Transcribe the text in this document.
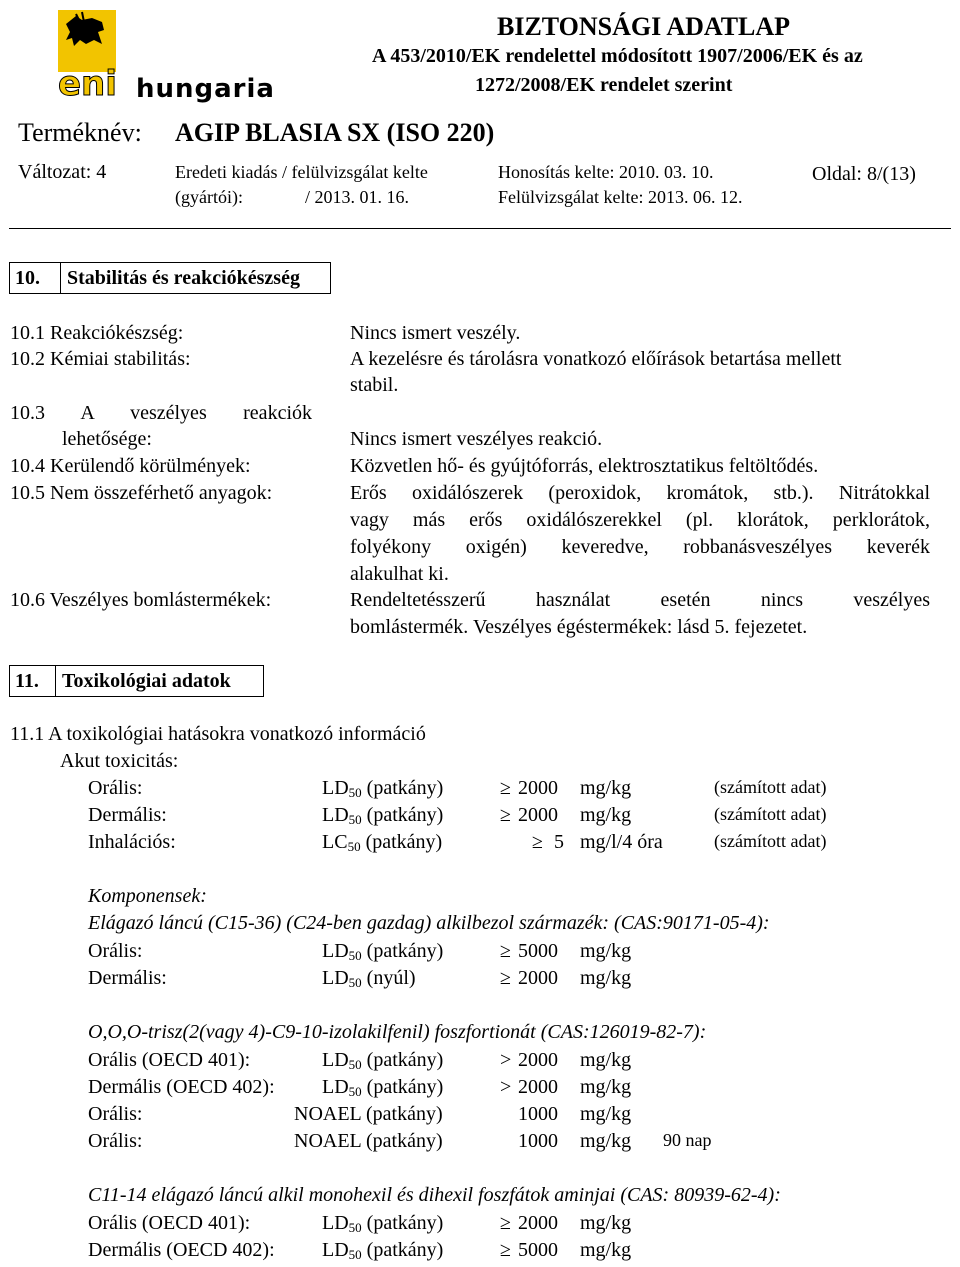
eni hungaria
BIZTONSÁGI ADATLAP
A 453/2010/EK rendelettel módosított 1907/2006/EK és az
1272/2008/EK rendelet szerint
Terméknév: AGIP BLASIA SX (ISO 220)
Változat: 4	Eredeti kiadás / felülvizsgálat kelte
(gyártói):	/ 2013. 01. 16.
Honosítás kelte: 2010. 03. 10.
Felülvizsgálat kelte: 2013. 06. 12.
Oldal: 8/(13)
10.	Stabilitás és reakciókészség
10.1 Reakciókészség:	Nincs ismert veszély.
10.2 Kémiai stabilitás:	A kezelésre és tárolásra vonatkozó előírások betartása mellett
stabil.
10.3 A veszélyes reakciók
lehetősége:	Nincs ismert veszélyes reakció.
10.4 Kerülendő körülmények:	Közvetlen hő- és gyújtóforrás, elektrosztatikus feltöltődés.
10.5 Nem összeférhető anyagok:	Erős oxidálószerek (peroxidok, kromátok, stb.). Nitrátokkal
vagy más erős oxidálószerekkel (pl. klorátok, perklorátok,
folyékony oxigén) keveredve, robbanásveszélyes keverék
alakulhat ki.
10.6 Veszélyes bomlástermékek:	Rendeltetésszerű használat esetén nincs veszélyes
bomlástermék. Veszélyes égéstermékek: lásd 5. fejezetet.
11.	Toxikológiai adatok
11.1 A toxikológiai hatásokra vonatkozó információ
Akut toxicitás:
Orális:	$LD_{50}$ (patkány)	≥ 2000 mg/kg	(számított adat)
Dermális:	$LD_{50}$ (patkány)	≥ 2000 mg/kg	(számított adat)
Inhalációs:	$LC_{50}$ (patkány)	≥ 5 mg/l/4 óra	(számított adat)
Komponensek:
Elágazó láncú (C15-36) (C24-ben gazdag) alkilbezol származék: (CAS:90171-05-4):
Orális:	$LD_{50}$ (patkány)	≥ 5000 mg/kg
Dermális:	$LD_{50}$ (nyúl)	≥ 2000 mg/kg
O,O,O-trisz(2(vagy 4)-C9-10-izolakilfenil) foszfortionát (CAS:126019-82-7):
Orális (OECD 401):	$LD_{50}$ (patkány)	> 2000 mg/kg
Dermális (OECD 402): $LD_{50}$ (patkány)	> 2000 mg/kg
Orális:	NOAEL (patkány)	1000 mg/kg
Orális:	NOAEL (patkány)	1000 mg/kg 90 nap
C11-14 elágazó láncú alkil monohexil és dihexil foszfátok aminjai (CAS: 80939-62-4):
Orális (OECD 401):	$LD_{50}$ (patkány)	≥ 2000 mg/kg
Dermális (OECD 402): $LD_{50}$ (patkány)	≥ 5000 mg/kg
